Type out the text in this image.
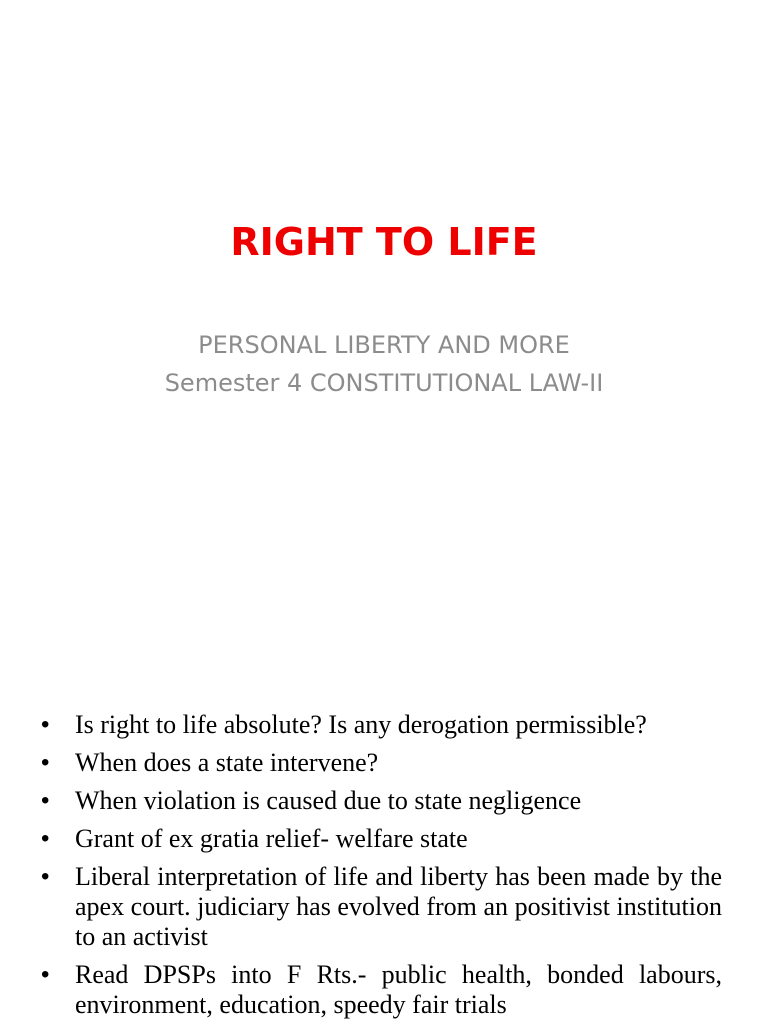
RIGHT TO LIFE
PERSONAL LIBERTY AND MORE
Semester 4 CONSTITUTIONAL LAW-II
• Is right to life absolute? Is any derogation permissible?
• When does a state intervene?
• When violation is caused due to state negligence
• Grant of ex gratia relief- welfare state
• Liberal interpretation of life and liberty has been made by the apex court. judiciary has evolved from an positivist institution to an activist
• Read DPSPs into F Rts.- public health, bonded labours, environment, education, speedy fair trials
